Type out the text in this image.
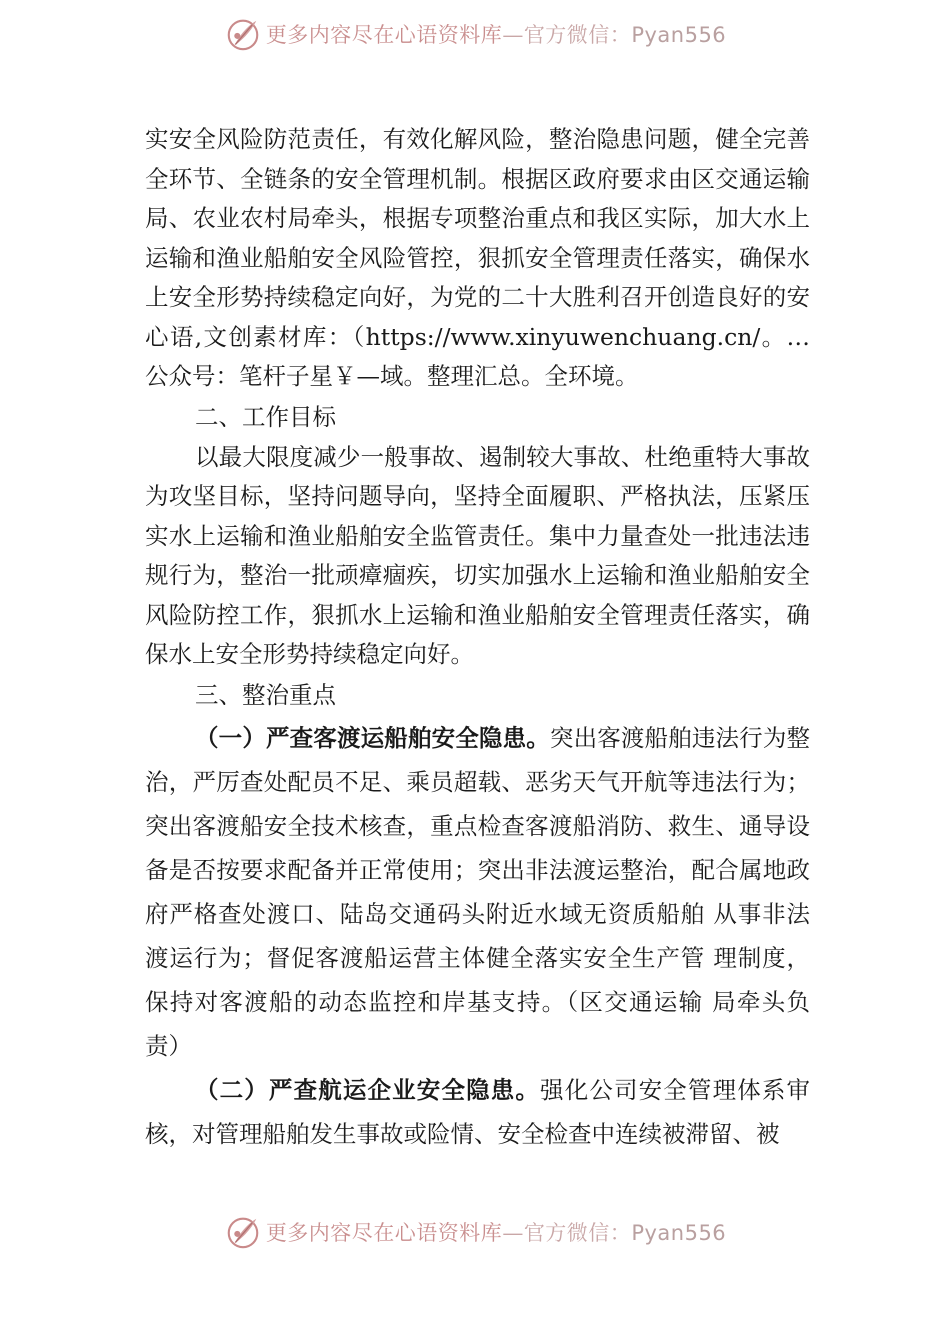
更多内容尽在心语资料库—官方微信：Pyan556

实安全风险防范责任，有效化解风险，整治隐患问题，健全完善全环节、全链条的安全管理机制。根据区政府要求由区交通运输局、农业农村局牵头，根据专项整治重点和我区实际，加大水上运输和渔业船舶安全风险管控，狠抓安全管理责任落实，确保水上安全形势持续稳定向好，为党的二十大胜利召开创造良好的安心语,文创素材库：（https://www.xinyuwenchuang.cn/。…公众号：笔杆子星￥—域。整理汇总。全环境。

二、工作目标

以最大限度减少一般事故、遏制较大事故、杜绝重特大事故为攻坚目标，坚持问题导向，坚持全面履职、严格执法，压紧压实水上运输和渔业船舶安全监管责任。集中力量查处一批违法违规行为，整治一批顽瘴痼疾，切实加强水上运输和渔业船舶安全风险防控工作，狠抓水上运输和渔业船舶安全管理责任落实，确保水上安全形势持续稳定向好。

三、整治重点

（一）严查客渡运船舶安全隐患。突出客渡船舶违法行为整治，严厉查处配员不足、乘员超载、恶劣天气开航等违法行为；突出客渡船安全技术核查，重点检查客渡船消防、救生、通导设备是否按要求配备并正常使用；突出非法渡运整治，配合属地政府严格查处渡口、陆岛交通码头附近水域无资质船舶 从事非法渡运行为；督促客渡船运营主体健全落实安全生产管 理制度，保持对客渡船的动态监控和岸基支持。（区交通运输 局牵头负责）

（二）严查航运企业安全隐患。强化公司安全管理体系审核，对管理船舶发生事故或险情、安全检查中连续被滞留、被

更多内容尽在心语资料库—官方微信：Pyan556
